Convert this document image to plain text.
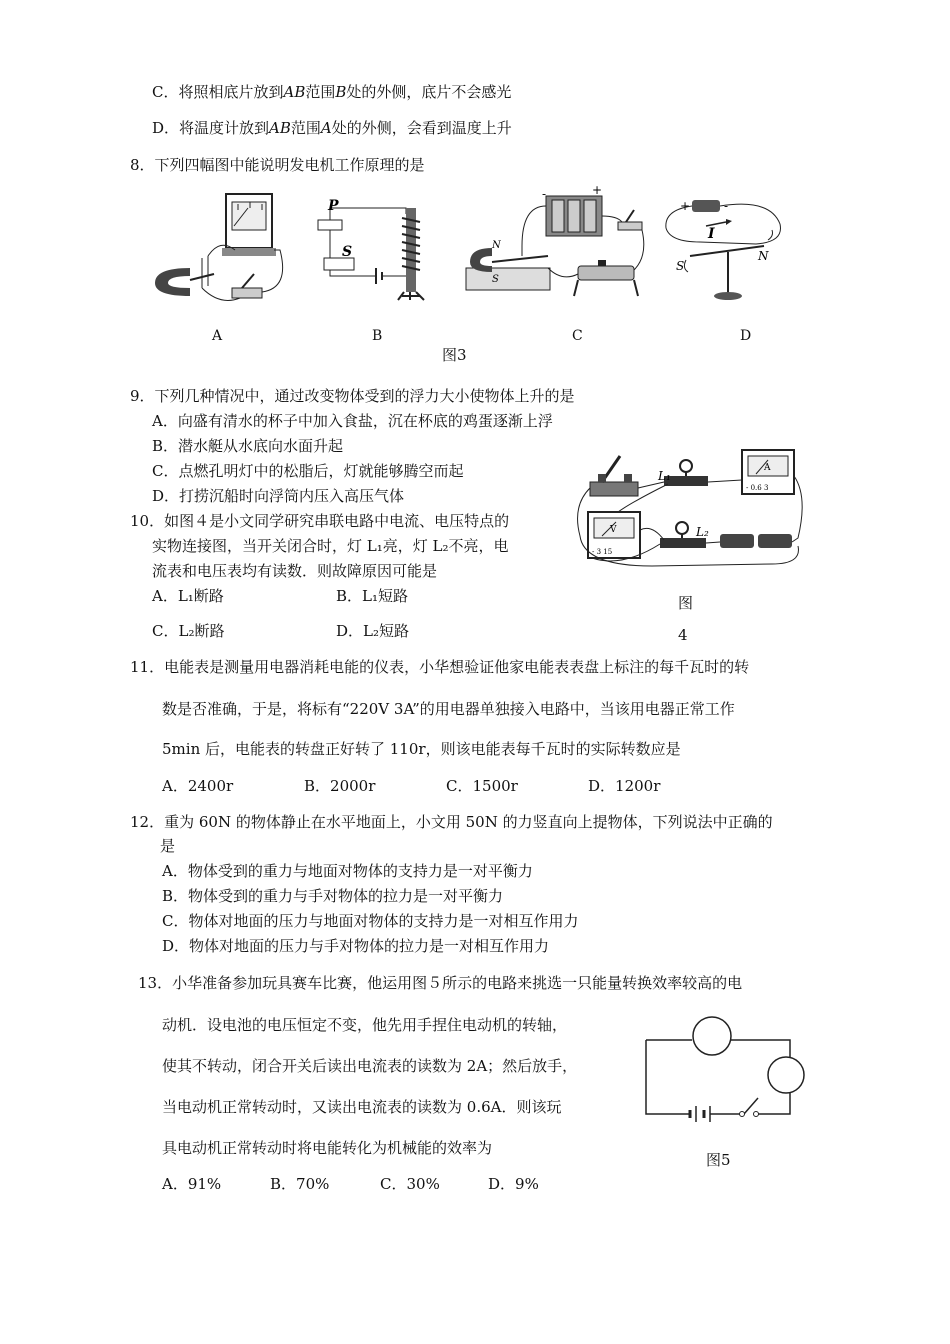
C．将照相底片放到AB范围B处的外侧，底片不会感光
D．将温度计放到AB范围A处的外侧，会看到温度上升
8．下列四幅图中能说明发电机工作原理的是
P
S
-	+
N
S
+	-
I
S
N
A	B	C	D
图3
9．下列几种情况中，通过改变物体受到的浮力大小使物体上升的是
A．向盛有清水的杯子中加入食盐，沉在杯底的鸡蛋逐渐上浮
B．潜水艇从水底向水面升起
C．点燃孔明灯中的松脂后，灯就能够腾空而起
D．打捞沉船时向浮筒内压入高压气体
L₁
A
- 0.6 3
V
- 3 15
L₂
10．如图４是小文同学研究串联电路中电流、电压特点的
实物连接图，当开关闭合时，灯 L₁亮，灯 L₂不亮，电
流表和电压表均有读数．则故障原因可能是
A．L₁断路	B．L₁短路
C．L₂断路	D．L₂短路
图
4
11．电能表是测量用电器消耗电能的仪表，小华想验证他家电能表表盘上标注的每千瓦时的转
数是否准确，于是，将标有“220V 3A”的用电器单独接入电路中，当该用电器正常工作
5min 后，电能表的转盘正好转了 110r，则该电能表每千瓦时的实际转数应是
A．2400r	B．2000r	C．1500r	D．1200r
12．重为 60N 的物体静止在水平地面上，小文用 50N 的力竖直向上提物体，下列说法中正确的
是
A．物体受到的重力与地面对物体的支持力是一对平衡力
B．物体受到的重力与手对物体的拉力是一对平衡力
C．物体对地面的压力与地面对物体的支持力是一对相互作用力
D．物体对地面的压力与手对物体的拉力是一对相互作用力
13．小华准备参加玩具赛车比赛，他运用图５所示的电路来挑选一只能量转换效率较高的电
动机．设电池的电压恒定不变，他先用手捏住电动机的转轴，
使其不转动，闭合开关后读出电流表的读数为 2A；然后放手，
当电动机正常转动时，又读出电流表的读数为 0.6A．则该玩
具电动机正常转动时将电能转化为机械能的效率为
A．91%	B．70%	C．30%	D．9%
图5
